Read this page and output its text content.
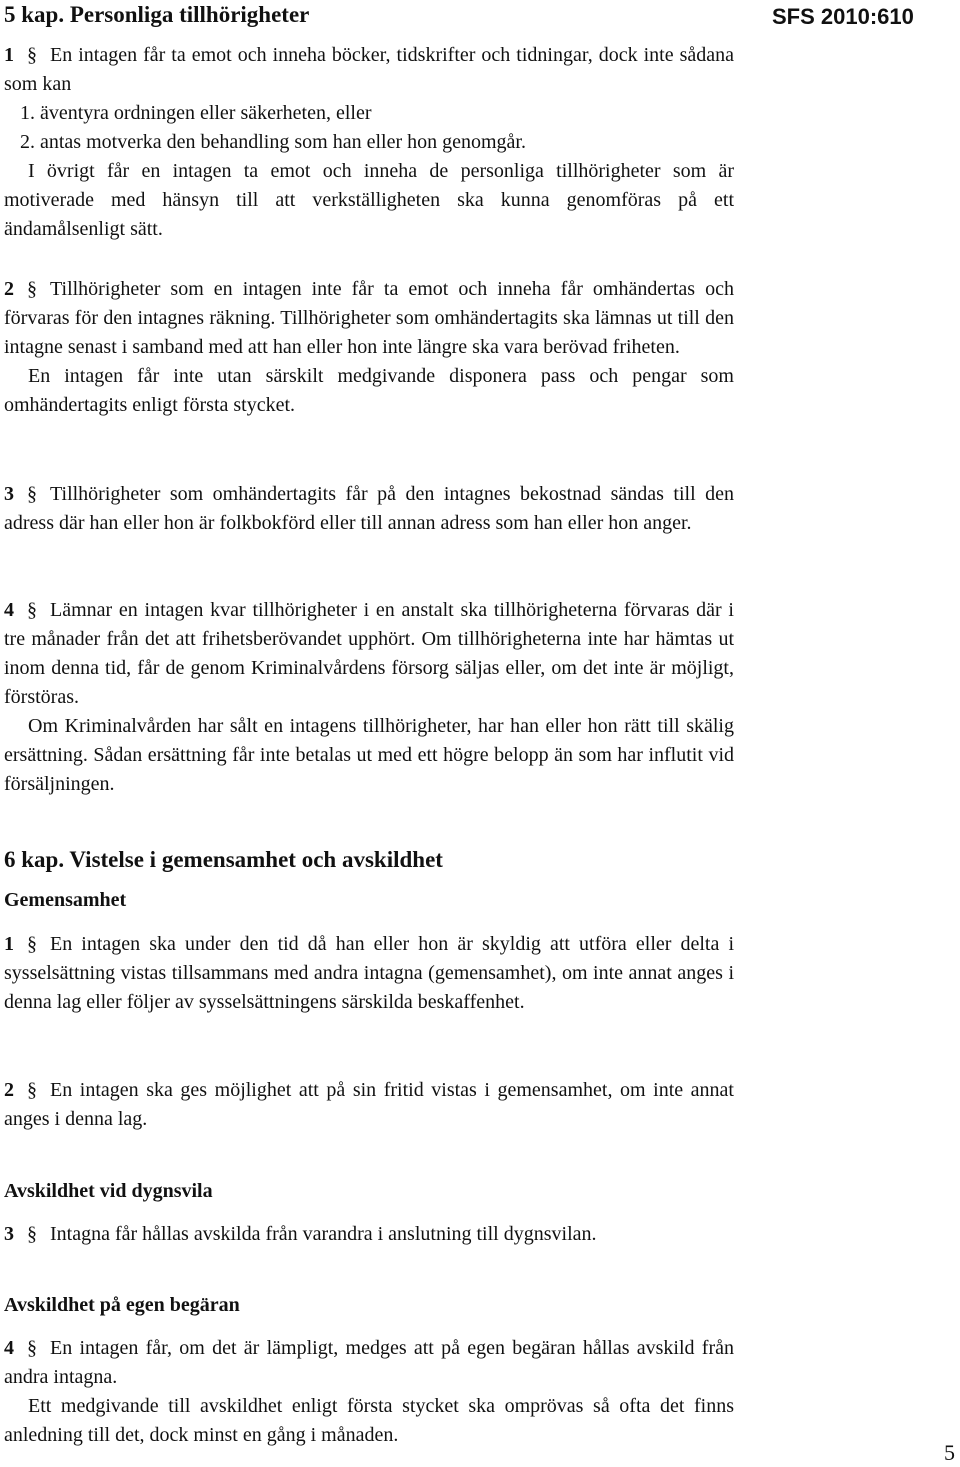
5 kap. Personliga tillhörigheter	SFS 2010:610

1 § En intagen får ta emot och inneha böcker, tidskrifter och tidningar, dock inte sådana som kan

1. äventyra ordningen eller säkerheten, eller

2. antas motverka den behandling som han eller hon genomgår.

I övrigt får en intagen ta emot och inneha de personliga tillhörigheter som är motiverade med hänsyn till att verkställigheten ska kunna genomföras på ett ändamålsenligt sätt.

2 § Tillhörigheter som en intagen inte får ta emot och inneha får omhändertas och förvaras för den intagnes räkning. Tillhörigheter som omhändertagits ska lämnas ut till den intagne senast i samband med att han eller hon inte längre ska vara berövad friheten.

En intagen får inte utan särskilt medgivande disponera pass och pengar som omhändertagits enligt första stycket.

3 § Tillhörigheter som omhändertagits får på den intagnes bekostnad sändas till den adress där han eller hon är folkbokförd eller till annan adress som han eller hon anger.

4 § Lämnar en intagen kvar tillhörigheter i en anstalt ska tillhörigheterna förvaras där i tre månader från det att frihetsberövandet upphört. Om tillhörigheterna inte har hämtas ut inom denna tid, får de genom Kriminalvårdens försorg säljas eller, om det inte är möjligt, förstöras.

Om Kriminalvården har sålt en intagens tillhörigheter, har han eller hon rätt till skälig ersättning. Sådan ersättning får inte betalas ut med ett högre belopp än som har influtit vid försäljningen.

6 kap. Vistelse i gemensamhet och avskildhet
Gemensamhet

1 § En intagen ska under den tid då han eller hon är skyldig att utföra eller delta i sysselsättning vistas tillsammans med andra intagna (gemensamhet), om inte annat anges i denna lag eller följer av sysselsättningens särskilda beskaffenhet.

2 § En intagen ska ges möjlighet att på sin fritid vistas i gemensamhet, om inte annat anges i denna lag.

Avskildhet vid dygnsvila

3 § Intagna får hållas avskilda från varandra i anslutning till dygnsvilan.

Avskildhet på egen begäran

4 § En intagen får, om det är lämpligt, medges att på egen begäran hållas avskild från andra intagna.

Ett medgivande till avskildhet enligt första stycket ska omprövas så ofta det finns anledning till det, dock minst en gång i månaden.

5
